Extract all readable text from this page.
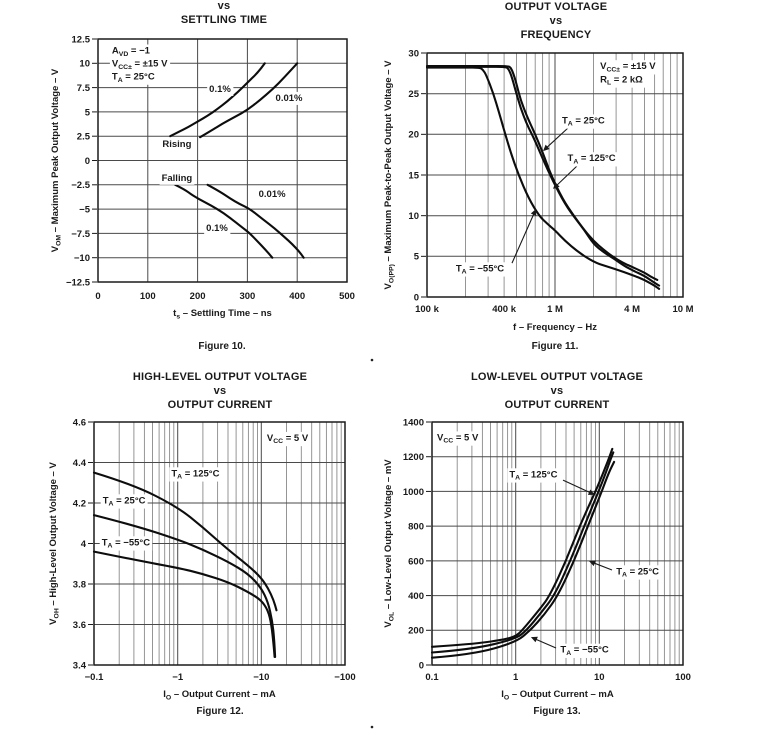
12.5
10
7.5
5
2.5
0
−2.5
−5
−7.5
−10
−12.5
0	100	200	300	400	500
$t_s$ – Settling Time – ns
$V_{OM}$ – Maximum Peak Output Voltage – V
$A_{VD} = -1$
$V_{CC\pm} = \pm 15$ V
$T_A = 25^\circ C$
0.1%
0.01%
Rising
Falling
0.01%
0.1%
30
25
20
15
10
5
0
100 k	400 k	1 M	4 M	10 M
f – Frequency – Hz
$V_{O(PP)}$ – Maximum Peak-to-Peak Output Voltage – V	$V_{CC\pm} = \pm 15$ V
$R_L = 2$ kΩ
$T_A = 25^\circ C$
$T_A = 125^\circ C$
$T_A = -55^\circ C$
4.6
4.4
4.2
4
3.8
3.6
3.4
−0.1	−1	−10	−100
$I_O$ – Output Current – mA
$V_{OH}$ – High-Level Output Voltage – V
$V_{CC} = 5$ V
$T_A = 125^\circ C$
$T_A = 25^\circ C$
$T_A = -55^\circ C$
1400
1200
1000
800
600
400
200
0
0.1	1	10	100
$I_O$ – Output Current – mA
$V_{OL}$ – Low-Level Output Voltage – mV
$V_{CC} = 5$ V
$T_A = 125^\circ C$
$T_A = 25^\circ C$
$T_A = -55^\circ C$
vs
SETTLING TIME
OUTPUT VOLTAGE
vs
FREQUENCY
HIGH-LEVEL OUTPUT VOLTAGE
vs
OUTPUT CURRENT
LOW-LEVEL OUTPUT VOLTAGE
vs
OUTPUT CURRENT
Figure 10.	Figure 11.
Figure 12.	Figure 13.
